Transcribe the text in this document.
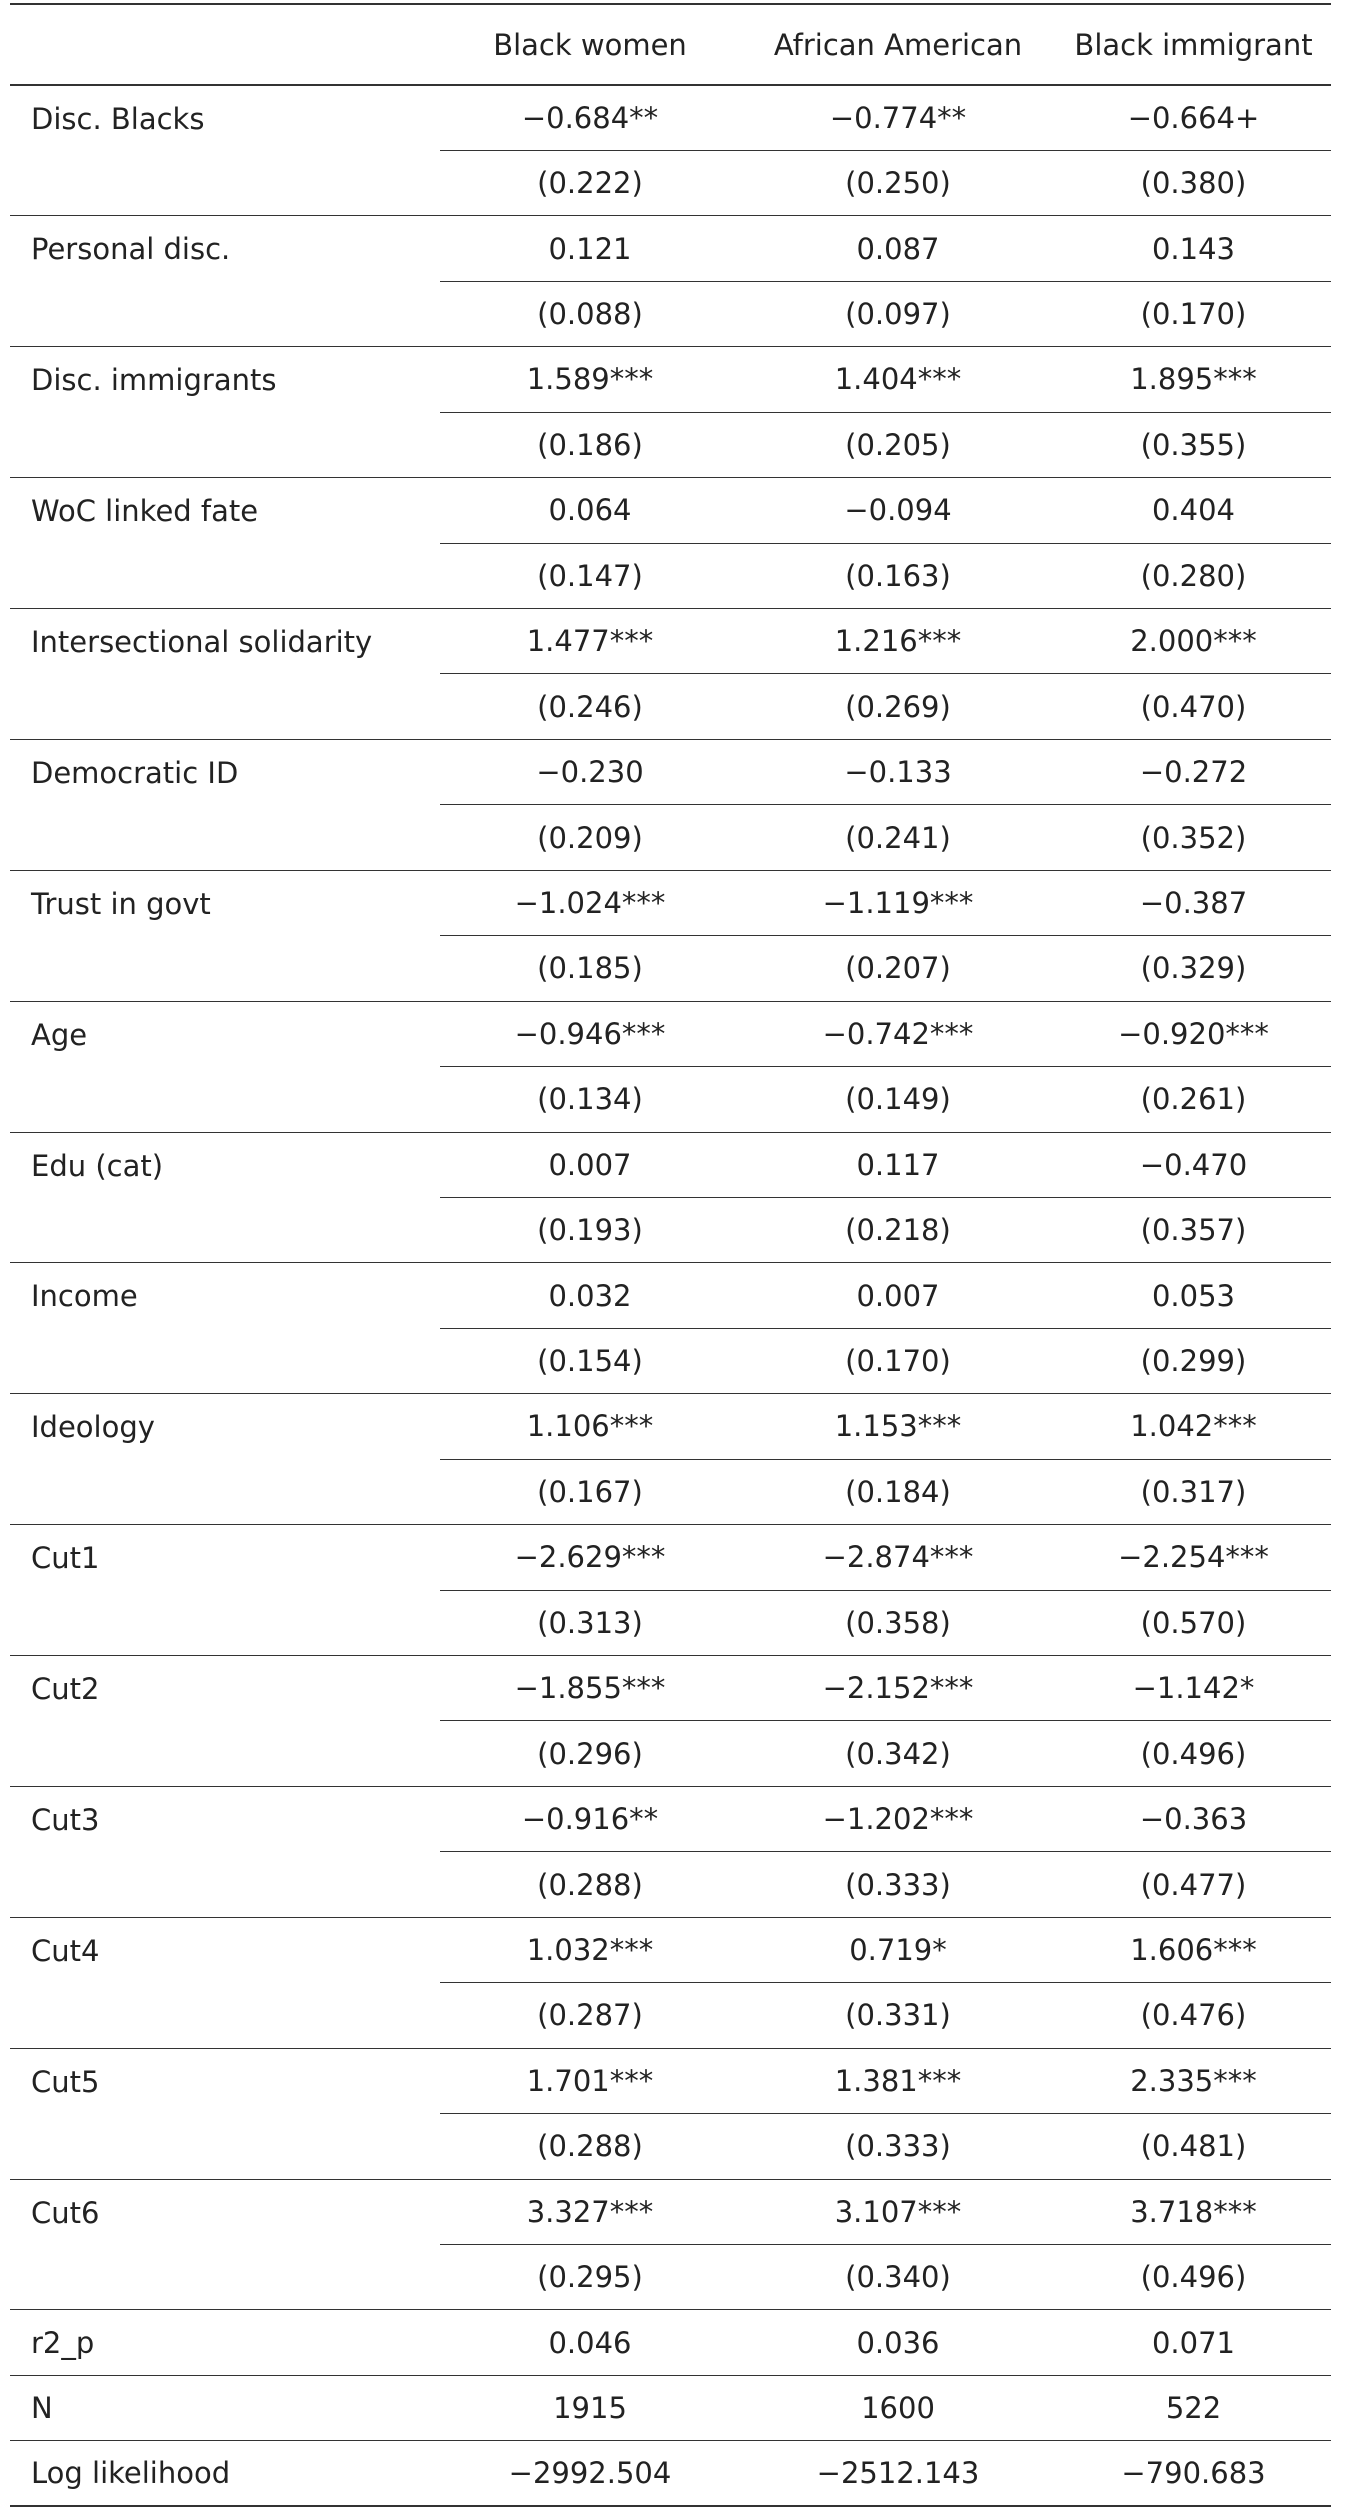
	Black women	African American	Black immigrant
Disc. Blacks	−0.684**	−0.774**	−0.664+
	(0.222)	(0.250)	(0.380)
Personal disc.	0.121	0.087	0.143
	(0.088)	(0.097)	(0.170)
Disc. immigrants	1.589***	1.404***	1.895***
	(0.186)	(0.205)	(0.355)
WoC linked fate	0.064	−0.094	0.404
	(0.147)	(0.163)	(0.280)
Intersectional solidarity	1.477***	1.216***	2.000***
	(0.246)	(0.269)	(0.470)
Democratic ID	−0.230	−0.133	−0.272
	(0.209)	(0.241)	(0.352)
Trust in govt	−1.024***	−1.119***	−0.387
	(0.185)	(0.207)	(0.329)
Age	−0.946***	−0.742***	−0.920***
	(0.134)	(0.149)	(0.261)
Edu (cat)	0.007	0.117	−0.470
	(0.193)	(0.218)	(0.357)
Income	0.032	0.007	0.053
	(0.154)	(0.170)	(0.299)
Ideology	1.106***	1.153***	1.042***
	(0.167)	(0.184)	(0.317)
Cut1	−2.629***	−2.874***	−2.254***
	(0.313)	(0.358)	(0.570)
Cut2	−1.855***	−2.152***	−1.142*
	(0.296)	(0.342)	(0.496)
Cut3	−0.916**	−1.202***	−0.363
	(0.288)	(0.333)	(0.477)
Cut4	1.032***	0.719*	1.606***
	(0.287)	(0.331)	(0.476)
Cut5	1.701***	1.381***	2.335***
	(0.288)	(0.333)	(0.481)
Cut6	3.327***	3.107***	3.718***
	(0.295)	(0.340)	(0.496)
r2_p	0.046	0.036	0.071
N	1915	1600	522
Log likelihood	−2992.504	−2512.143	−790.683
